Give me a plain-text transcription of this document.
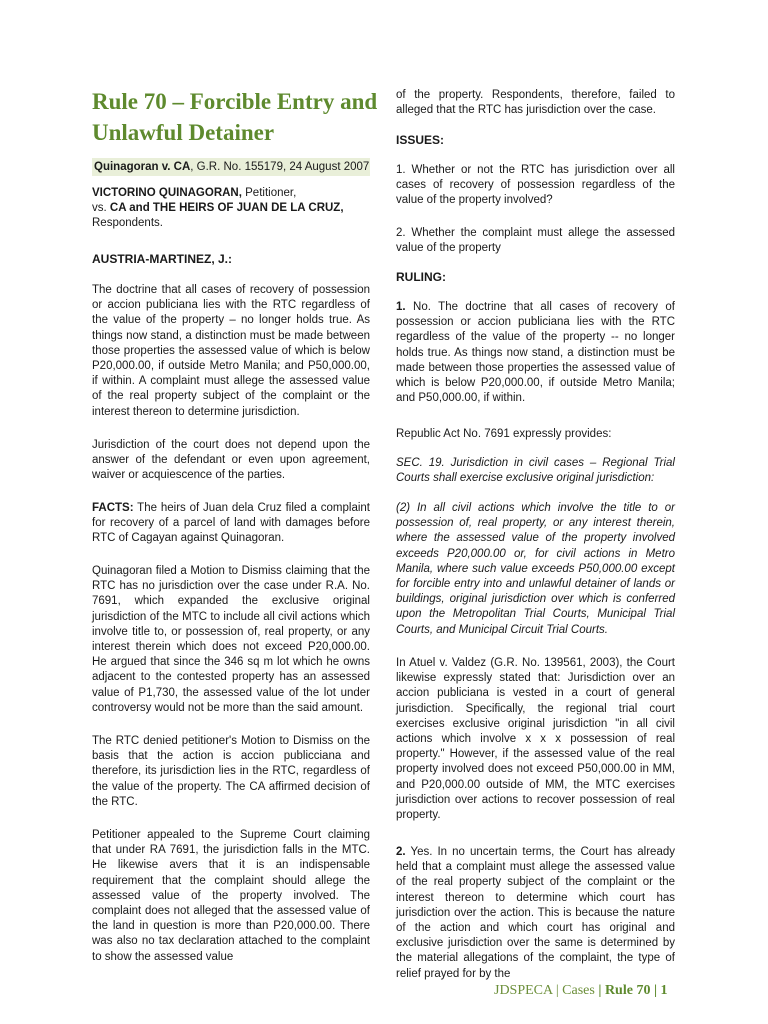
Rule 70 – Forcible Entry and Unlawful Detainer
Quinagoran v. CA, G.R. No. 155179, 24 August 2007

VICTORINO QUINAGORAN, Petitioner,
vs. CA and THE HEIRS OF JUAN DE LA CRUZ, Respondents.

AUSTRIA-MARTINEZ, J.:

The doctrine that all cases of recovery of possession or accion publiciana lies with the RTC regardless of the value of the property – no longer holds true. As things now stand, a distinction must be made between those properties the assessed value of which is below P20,000.00, if outside Metro Manila; and P50,000.00, if within. A complaint must allege the assessed value of the real property subject of the complaint or the interest thereon to determine jurisdiction.

Jurisdiction of the court does not depend upon the answer of the defendant or even upon agreement, waiver or acquiescence of the parties.

FACTS: The heirs of Juan dela Cruz filed a complaint for recovery of a parcel of land with damages before RTC of Cagayan against Quinagoran.

Quinagoran filed a Motion to Dismiss claiming that the RTC has no jurisdiction over the case under R.A. No. 7691, which expanded the exclusive original jurisdiction of the MTC to include all civil actions which involve title to, or possession of, real property, or any interest therein which does not exceed P20,000.00. He argued that since the 346 sq m lot which he owns adjacent to the contested property has an assessed value of P1,730, the assessed value of the lot under controversy would not be more than the said amount.

The RTC denied petitioner's Motion to Dismiss on the basis that the action is accion publicciana and therefore, its jurisdiction lies in the RTC, regardless of the value of the property. The CA affirmed decision of the RTC.

Petitioner appealed to the Supreme Court claiming that under RA 7691, the jurisdiction falls in the MTC. He likewise avers that it is an indispensable requirement that the complaint should allege the assessed value of the property involved. The complaint does not alleged that the assessed value of the land in question is more than P20,000.00. There was also no tax declaration attached to the complaint to show the assessed value

of the property. Respondents, therefore, failed to alleged that the RTC has jurisdiction over the case.

ISSUES:

1. Whether or not the RTC has jurisdiction over all cases of recovery of possession regardless of the value of the property involved?

2. Whether the complaint must allege the assessed value of the property

RULING:

1. No. The doctrine that all cases of recovery of possession or accion publiciana lies with the RTC regardless of the value of the property -- no longer holds true. As things now stand, a distinction must be made between those properties the assessed value of which is below P20,000.00, if outside Metro Manila; and P50,000.00, if within.

Republic Act No. 7691 expressly provides:

SEC. 19. Jurisdiction in civil cases – Regional Trial Courts shall exercise exclusive original jurisdiction:

(2) In all civil actions which involve the title to or possession of, real property, or any interest therein, where the assessed value of the property involved exceeds P20,000.00 or, for civil actions in Metro Manila, where such value exceeds P50,000.00 except for forcible entry into and unlawful detainer of lands or buildings, original jurisdiction over which is conferred upon the Metropolitan Trial Courts, Municipal Trial Courts, and Municipal Circuit Trial Courts.

In Atuel v. Valdez (G.R. No. 139561, 2003), the Court likewise expressly stated that: Jurisdiction over an accion publiciana is vested in a court of general jurisdiction. Specifically, the regional trial court exercises exclusive original jurisdiction "in all civil actions which involve x x x possession of real property." However, if the assessed value of the real property involved does not exceed P50,000.00 in MM, and P20,000.00 outside of MM, the MTC exercises jurisdiction over actions to recover possession of real property.

2. Yes. In no uncertain terms, the Court has already held that a complaint must allege the assessed value of the real property subject of the complaint or the interest thereon to determine which court has jurisdiction over the action. This is because the nature of the action and which court has original and exclusive jurisdiction over the same is determined by the material allegations of the complaint, the type of relief prayed for by the

JDSPECA | Cases | Rule 70 | 1
